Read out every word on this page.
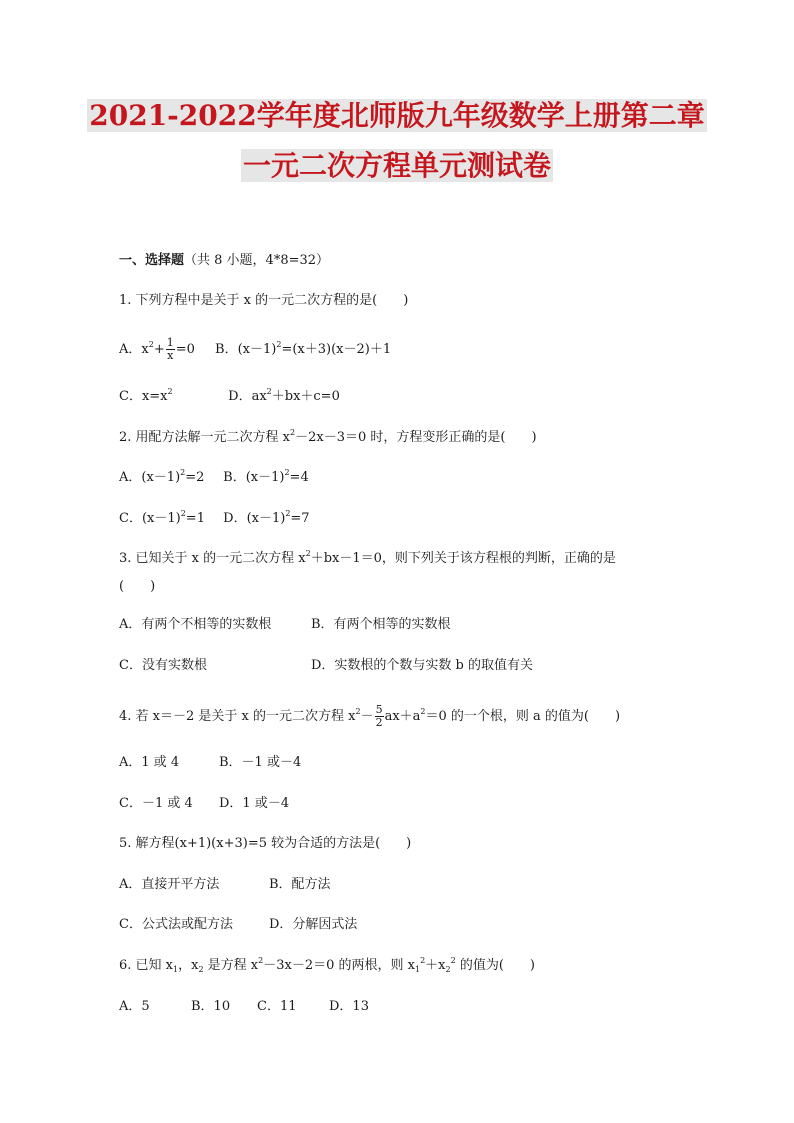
2021-2022学年度北师版九年级数学上册第二章
一元二次方程单元测试卷
一、选择题（共 8 小题，4*8=32）
1. 下列方程中是关于 x 的一元二次方程的是(　　)
A．$x^2+ \frac{1}{x} =0$ B．$(x-1)^2=(x+3)(x-2)+1$
C．$x=x^2$	D．$ax^2+bx+c=0$
2. 用配方法解一元二次方程 $x^2-2x-3=0$ 时，方程变形正确的是(　　)
A．$(x-1)^2=2$ B．$(x-1)^2=4$
C．$(x-1)^2=1$ D．$(x-1)^2=7$
3. 已知关于 x 的一元二次方程 $x^2+bx-1=0$，则下列关于该方程根的判断，正确的是
(　　)
A．有两个不相等的实数根	B．有两个相等的实数根
C．没有实数根	D．实数根的个数与实数 b 的取值有关
4. 若 x＝－2 是关于 x 的一元二次方程 $x^2- \frac{5}{2} ax+a^2=0$ 的一个根，则 a 的值为(　　)
A．1 或 4	B．－1 或－4
C．－1 或 4 D．1 或－4
5. 解方程(x+1)(x+3)=5 较为合适的方法是(　　)
A．直接开平方法	B．配方法
C．公式法或配方法	D．分解因式法
6. 已知 $x_1$，$x_2$ 是方程 $x^2-3x-2=0$ 的两根，则 $x_1^2+x_2^2$ 的值为(　　)
A．5	B．10 C．11	D．13
